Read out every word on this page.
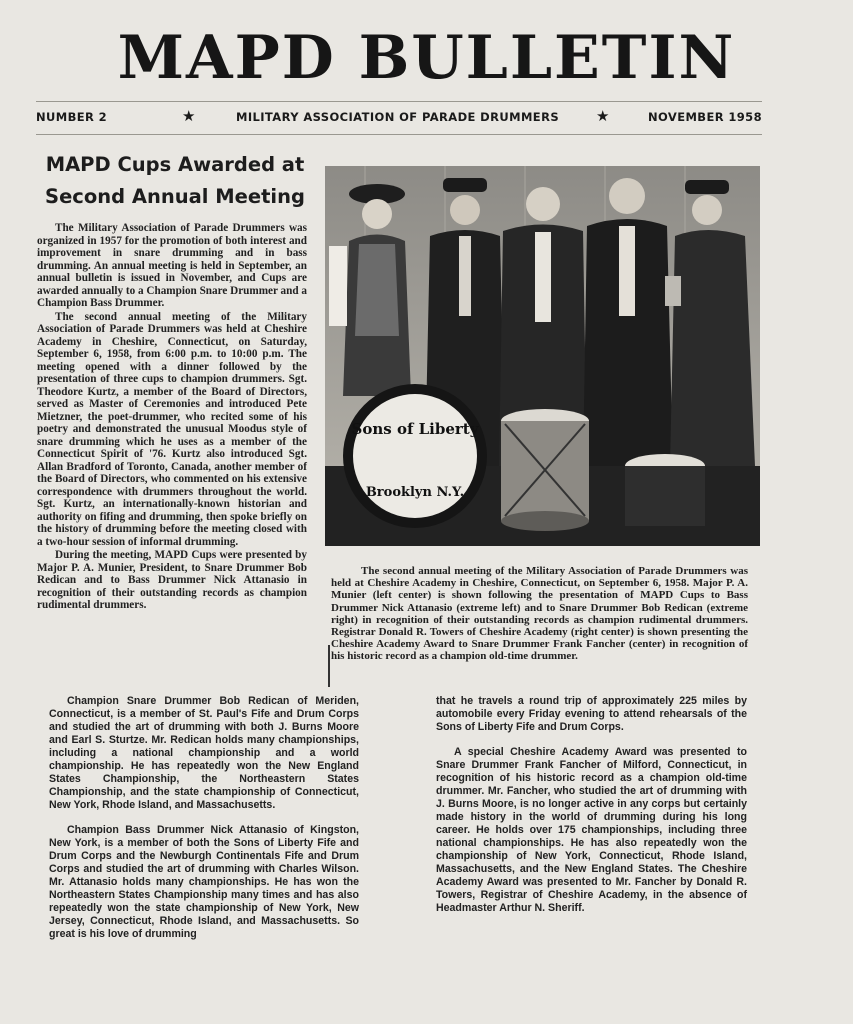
MAPD BULLETIN
NUMBER 2	★	MILITARY ASSOCIATION OF PARADE DRUMMERS ★	NOVEMBER 1958
MAPD Cups Awarded at
Second Annual Meeting

The Military Association of Parade Drummers was organized in 1957 for the promotion of both interest and improvement in snare drumming and in bass drumming. An annual meeting is held in September, an annual bulletin is issued in November, and Cups are awarded annually to a Champion Snare Drummer and a Champion Bass Drummer.

The second annual meeting of the Military Association of Parade Drummers was held at Cheshire Academy in Cheshire, Connecticut, on Saturday, September 6, 1958, from 6:00 p.m. to 10:00 p.m. The meeting opened with a dinner followed by the presentation of three cups to champion drummers. Sgt. Theodore Kurtz, a member of the Board of Directors, served as Master of Ceremonies and introduced Pete Mietzner, the poet-drummer, who recited some of his poetry and demonstrated the unusual Moodus style of snare drumming which he uses as a member of the Connecticut Spirit of '76. Kurtz also introduced Sgt. Allan Bradford of Toronto, Canada, another member of the Board of Directors, who commented on his extensive correspondence with drummers throughout the world. Sgt. Kurtz, an internationally-known historian and authority on fifing and drumming, then spoke briefly on the history of drumming before the meeting closed with a two-hour session of informal drumming.

During the meeting, MAPD Cups were presented by Major P. A. Munier, President, to Snare Drummer Bob Redican and to Bass Drummer Nick Attanasio in recognition of their outstanding records as champion rudimental drummers.

Sons of Liberty
Brooklyn N.Y.
The second annual meeting of the Military Association of Parade Drummers was held at Cheshire Academy in Cheshire, Connecticut, on September 6, 1958. Major P. A. Munier (left center) is shown following the presentation of MAPD Cups to Bass Drummer Nick Attanasio (extreme left) and to Snare Drummer Bob Redican (extreme right) in recognition of their outstanding records as champion rudimental drummers. Registrar Donald R. Towers of Cheshire Academy (right center) is shown presenting the Cheshire Academy Award to Snare Drummer Frank Fancher (center) in recognition of his historic record as a champion old-time drummer.

Champion Snare Drummer Bob Redican of Meriden, Connecticut, is a member of St. Paul's Fife and Drum Corps and studied the art of drumming with both J. Burns Moore and Earl S. Sturtze. Mr. Redican holds many championships, including a national championship and a world championship. He has repeatedly won the New England States Championship, the Northeastern States Championship, and the state championship of Connecticut, New York, Rhode Island, and Massachusetts.

Champion Bass Drummer Nick Attanasio of Kingston, New York, is a member of both the Sons of Liberty Fife and Drum Corps and the Newburgh Continentals Fife and Drum Corps and studied the art of drumming with Charles Wilson. Mr. Attanasio holds many championships. He has won the Northeastern States Championship many times and has also repeatedly won the state championship of New York, New Jersey, Connecticut, Rhode Island, and Massachusetts. So great is his love of drumming

that he travels a round trip of approximately 225 miles by automobile every Friday evening to attend rehearsals of the Sons of Liberty Fife and Drum Corps.

A special Cheshire Academy Award was presented to Snare Drummer Frank Fancher of Milford, Connecticut, in recognition of his historic record as a champion old-time drummer. Mr. Fancher, who studied the art of drumming with J. Burns Moore, is no longer active in any corps but certainly made history in the world of drumming during his long career. He holds over 175 championships, including three national championships. He has also repeatedly won the championship of New York, Connecticut, Rhode Island, Massachusetts, and the New England States. The Cheshire Academy Award was presented to Mr. Fancher by Donald R. Towers, Registrar of Cheshire Academy, in the absence of Headmaster Arthur N. Sheriff.
